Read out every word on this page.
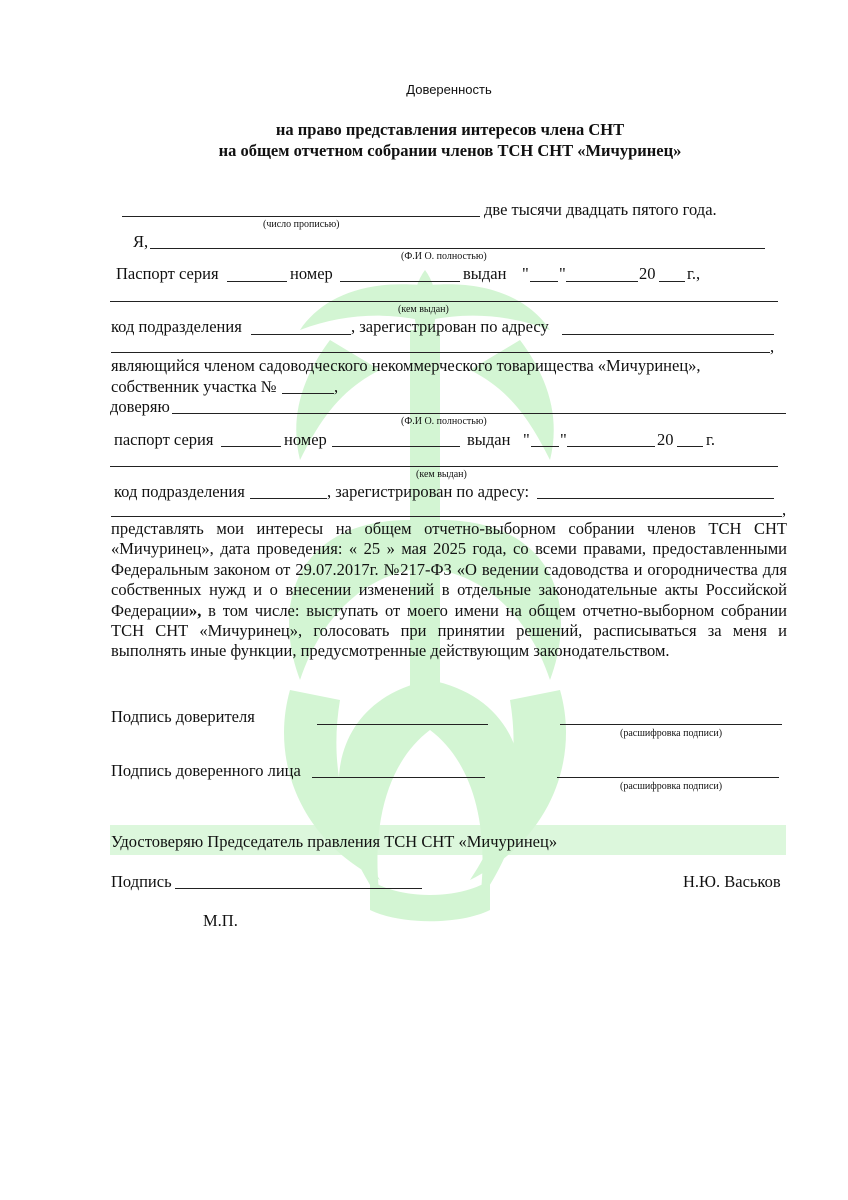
Доверенность
на право представления интересов члена СНТ
на общем отчетном собрании членов ТСН СНТ «Мичуринец»
две тысячи двадцать пятого года.
(число прописью)
Я,
(Ф.И О. полностью)
Паспорт серия	номер	выдан " "	20 г.,
(кем выдан)
код подразделения	, зарегистрирован по адресу
,
являющийся членом садоводческого некоммерческого товарищества «Мичуринец»,
собственник участка №	,
доверяю
(Ф.И О. полностью)
паспорт серия	номер	выдан " "	20 г.
(кем выдан)
код подразделения	, зарегистрирован по адресу:
,
представлять мои интересы на общем отчетно-выборном собрании членов ТСН СНТ «Мичуринец», дата проведения: « 25 » мая 2025 года, со всеми правами, предоставленными Федеральным законом от 29.07.2017г. №217-ФЗ «О ведении садоводства и огородничества для собственных нужд и о внесении изменений в отдельные законодательные акты Российской Федерации», в том числе: выступать от моего имени на общем отчетно-выборном собрании ТСН СНТ «Мичуринец», голосовать при принятии решений, расписываться за меня и выполнять иные функции, предусмотренные действующим законодательством.
Подпись доверителя
(расшифровка подписи)
Подпись доверенного лица
(расшифровка подписи)
Удостоверяю Председатель правления ТСН СНТ «Мичуринец»
Подпись	Н.Ю. Васьков
М.П.
